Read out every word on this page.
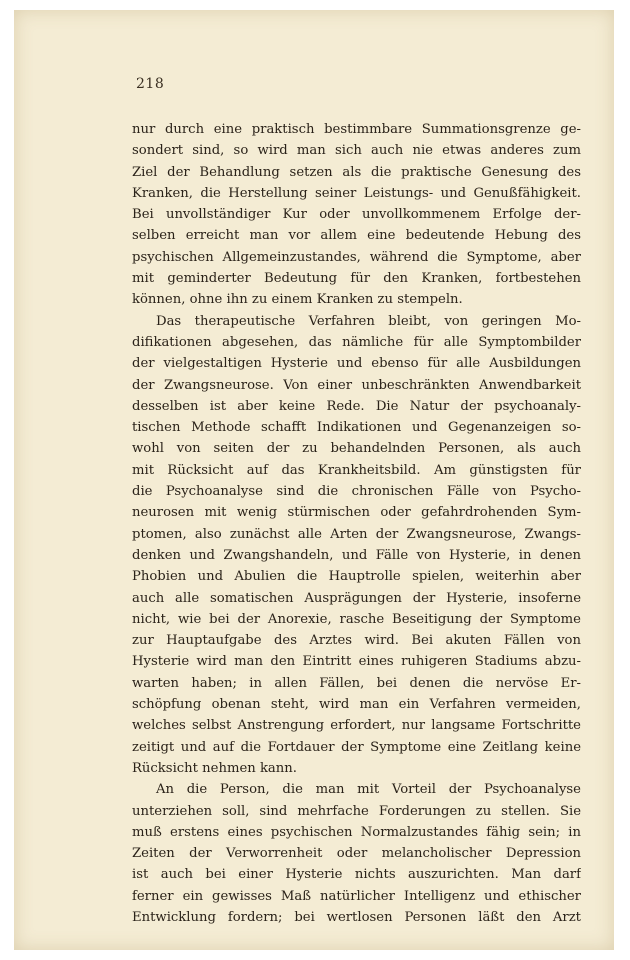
218
nur durch eine praktisch bestimmbare Summationsgrenze ge-
sondert sind, so wird man sich auch nie etwas anderes zum
Ziel der Behandlung setzen als die praktische Genesung des
Kranken, die Herstellung seiner Leistungs- und Genußfähigkeit.
Bei unvollständiger Kur oder unvollkommenem Erfolge der-
selben erreicht man vor allem eine bedeutende Hebung des
psychischen Allgemeinzustandes, während die Symptome, aber
mit geminderter Bedeutung für den Kranken, fortbestehen
können, ohne ihn zu einem Kranken zu stempeln.
Das therapeutische Verfahren bleibt, von geringen Mo-
difikationen abgesehen, das nämliche für alle Symptombilder
der vielgestaltigen Hysterie und ebenso für alle Ausbildungen
der Zwangsneurose. Von einer unbeschränkten Anwendbarkeit
desselben ist aber keine Rede. Die Natur der psychoanaly-
tischen Methode schafft Indikationen und Gegenanzeigen so-
wohl von seiten der zu behandelnden Personen, als auch
mit Rücksicht auf das Krankheitsbild. Am günstigsten für
die Psychoanalyse sind die chronischen Fälle von Psycho-
neurosen mit wenig stürmischen oder gefahrdrohenden Sym-
ptomen, also zunächst alle Arten der Zwangsneurose, Zwangs-
denken und Zwangshandeln, und Fälle von Hysterie, in denen
Phobien und Abulien die Hauptrolle spielen, weiterhin aber
auch alle somatischen Ausprägungen der Hysterie, insoferne
nicht, wie bei der Anorexie, rasche Beseitigung der Symptome
zur Hauptaufgabe des Arztes wird. Bei akuten Fällen von
Hysterie wird man den Eintritt eines ruhigeren Stadiums abzu-
warten haben; in allen Fällen, bei denen die nervöse Er-
schöpfung obenan steht, wird man ein Verfahren vermeiden,
welches selbst Anstrengung erfordert, nur langsame Fortschritte
zeitigt und auf die Fortdauer der Symptome eine Zeitlang keine
Rücksicht nehmen kann.
An die Person, die man mit Vorteil der Psychoanalyse
unterziehen soll, sind mehrfache Forderungen zu stellen. Sie
muß erstens eines psychischen Normalzustandes fähig sein; in
Zeiten der Verworrenheit oder melancholischer Depression
ist auch bei einer Hysterie nichts auszurichten. Man darf
ferner ein gewisses Maß natürlicher Intelligenz und ethischer
Entwicklung fordern; bei wertlosen Personen läßt den Arzt
